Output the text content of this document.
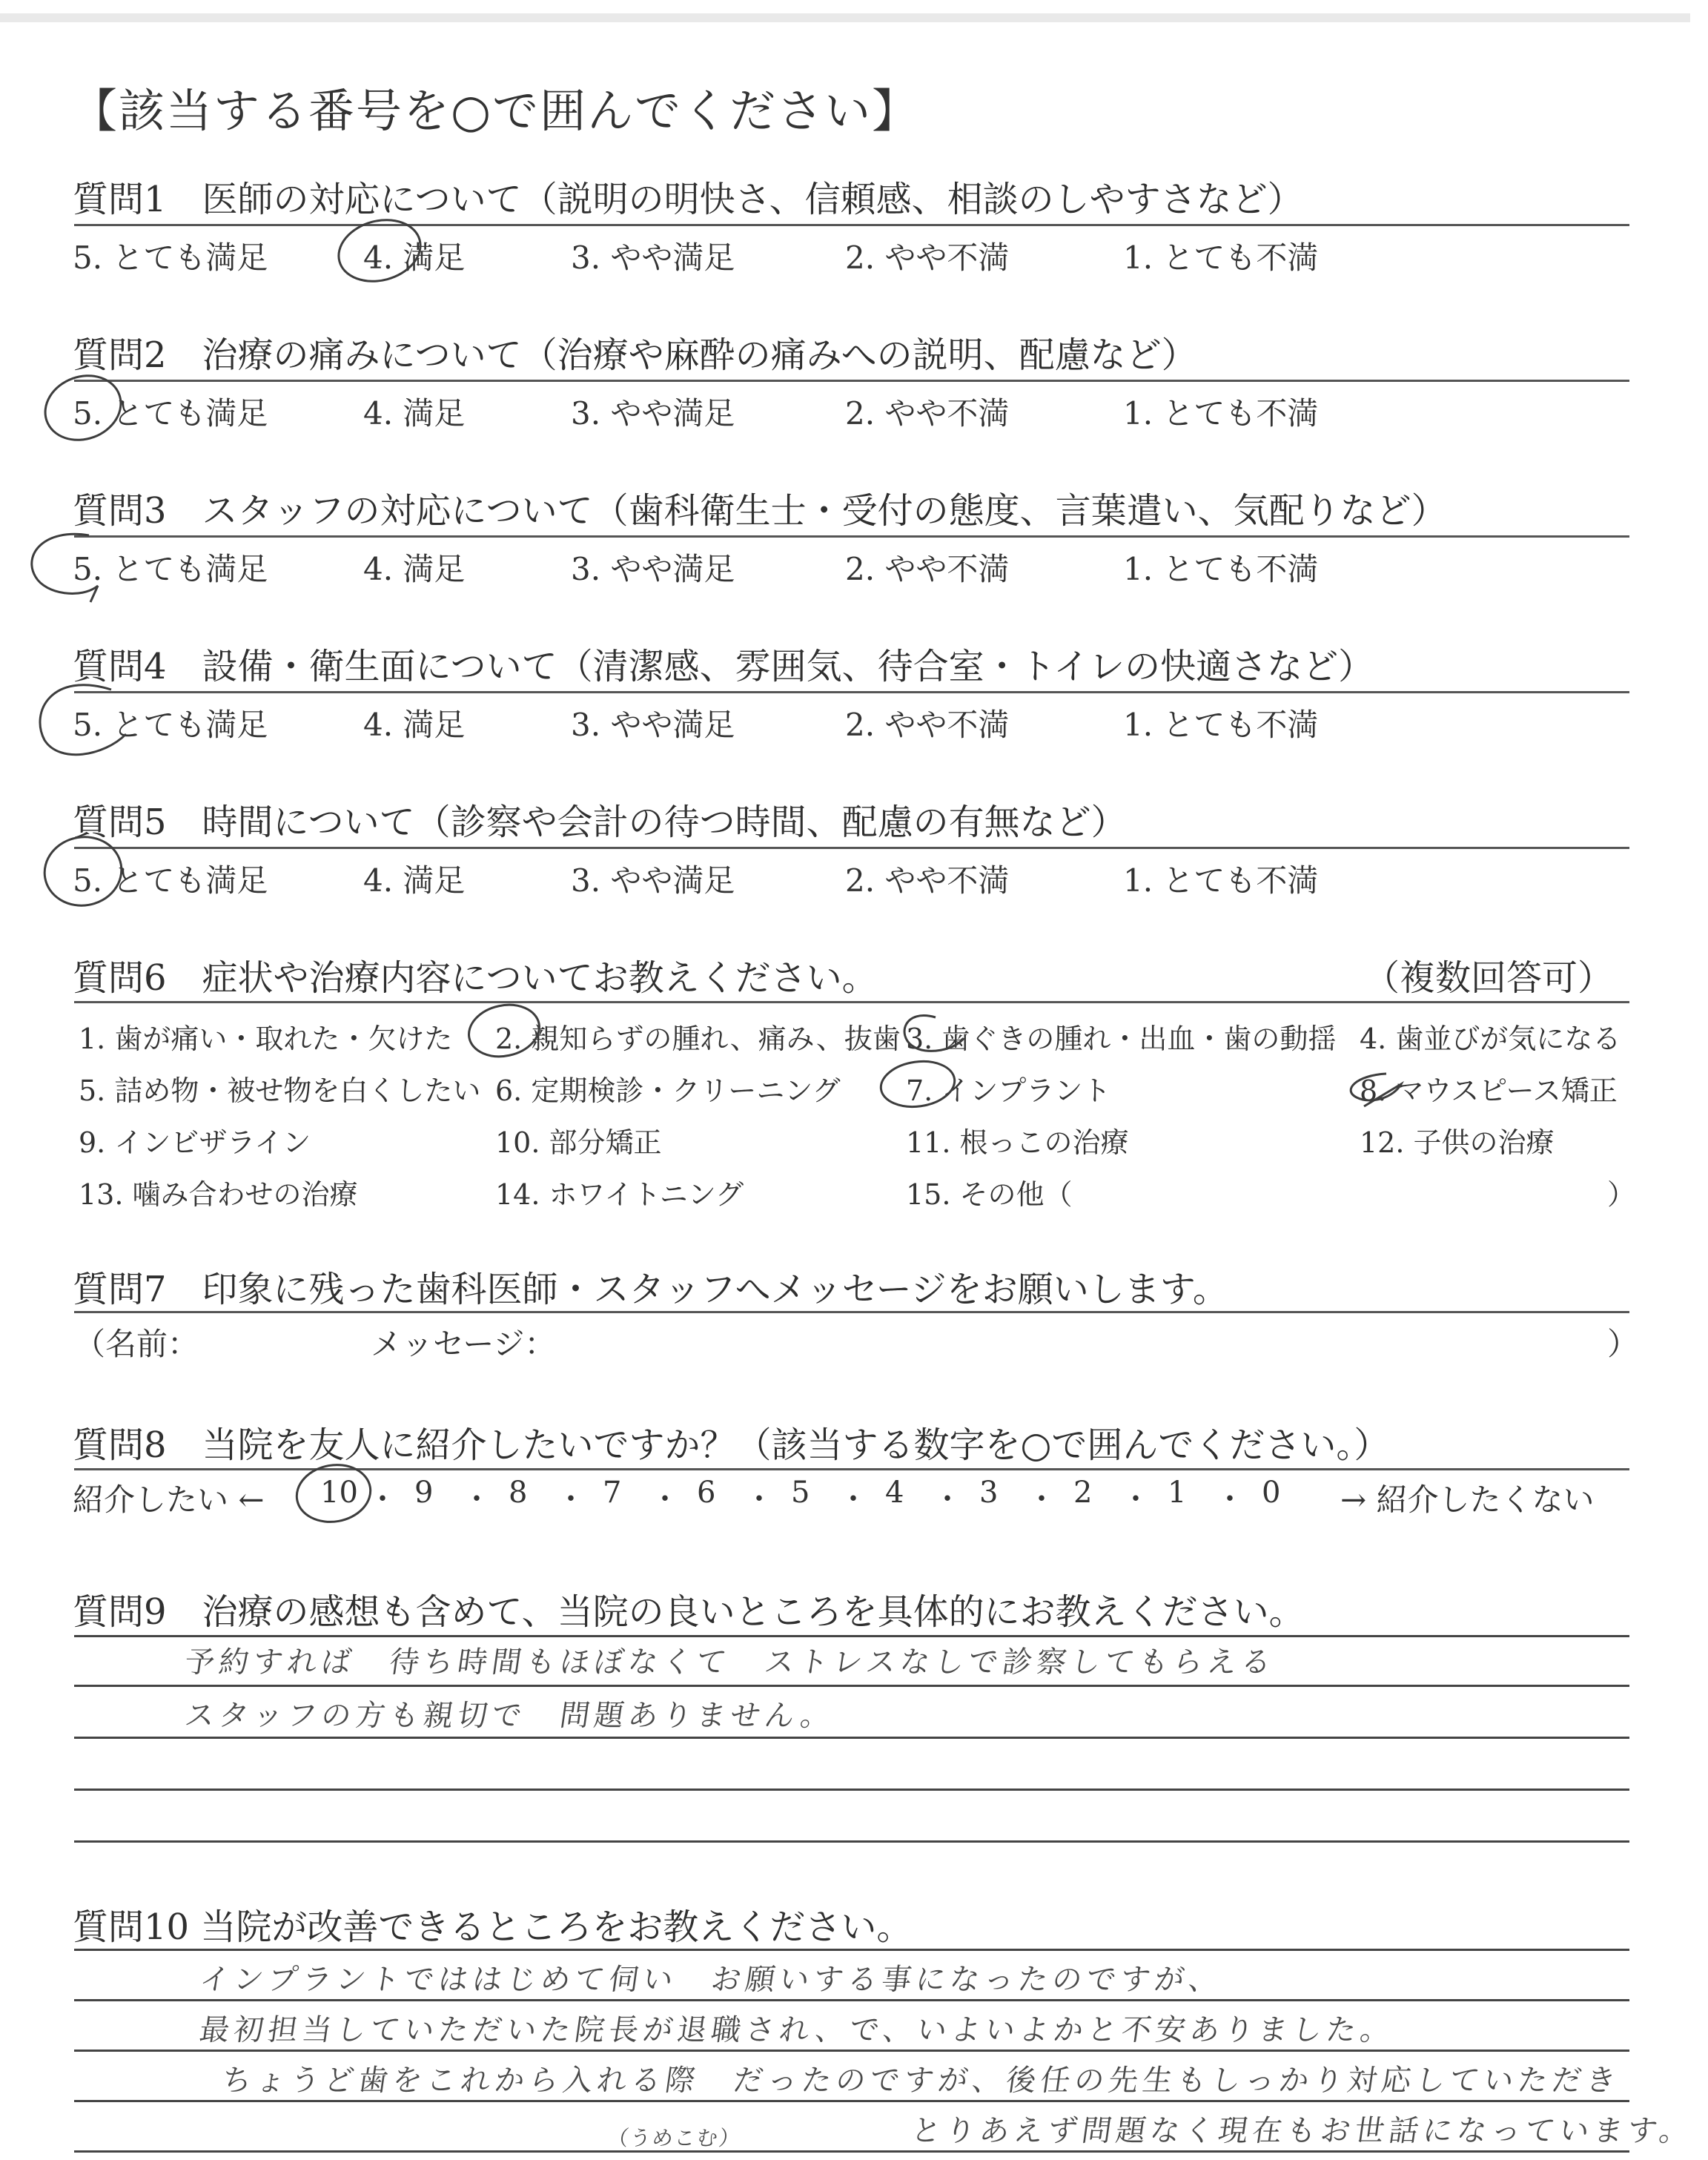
【該当する番号を○で囲んでください】
質問1　医師の対応について（説明の明快さ、信頼感、相談のしやすさなど）
5. とても満足	4. 満足	3. やや満足	2. やや不満	1. とても不満
質問2　治療の痛みについて（治療や麻酔の痛みへの説明、配慮など）
5. とても満足	4. 満足	3. やや満足	2. やや不満	1. とても不満
質問3　スタッフの対応について（歯科衛生士・受付の態度、言葉遣い、気配りなど）
5. とても満足	4. 満足	3. やや満足	2. やや不満	1. とても不満
質問4　設備・衛生面について（清潔感、雰囲気、待合室・トイレの快適さなど）
5. とても満足	4. 満足	3. やや満足	2. やや不満	1. とても不満
質問5　時間について（診察や会計の待つ時間、配慮の有無など）
5. とても満足	4. 満足	3. やや満足	2. やや不満	1. とても不満
質問6　症状や治療内容についてお教えください。	（複数回答可）
1. 歯が痛い・取れた・欠けた 2. 親知らずの腫れ、痛み、抜歯 3. 歯ぐきの腫れ・出血・歯の動揺 4. 歯並びが気になる
5. 詰め物・被せ物を白くしたい 6. 定期検診・クリーニング 7. インプラント	8. マウスピース矯正
9. インビザライン	10. 部分矯正	11. 根っこの治療	12. 子供の治療
13. 噛み合わせの治療	14. ホワイトニング	15. その他（	）
質問7　印象に残った歯科医師・スタッフへメッセージをお願いします。
（名前：	メッセージ：	）
質問8　当院を友人に紹介したいですか？（該当する数字を○で囲んでください。）
紹介したい ← 10 ・ 9 ・ 8 ・ 7 ・ 6 ・ 5 ・ 4 ・ 3 ・ 2 ・ 1 ・ 0 → 紹介したくない
質問9　治療の感想も含めて、当院の良いところを具体的にお教えください。
予約すれば　待ち時間もほぼなくて　ストレスなしで診察してもらえる
スタッフの方も親切で　問題ありません。
質問10 当院が改善できるところをお教えください。
インプラントでははじめて伺い　お願いする事になったのですが、
最初担当していただいた院長が退職され、で、いよいよかと不安ありました。
ちょうど歯をこれから入れる際　だったのですが、後任の先生もしっかり対応していただき
とりあえず問題なく現在もお世話になっています。
（うめこむ）
